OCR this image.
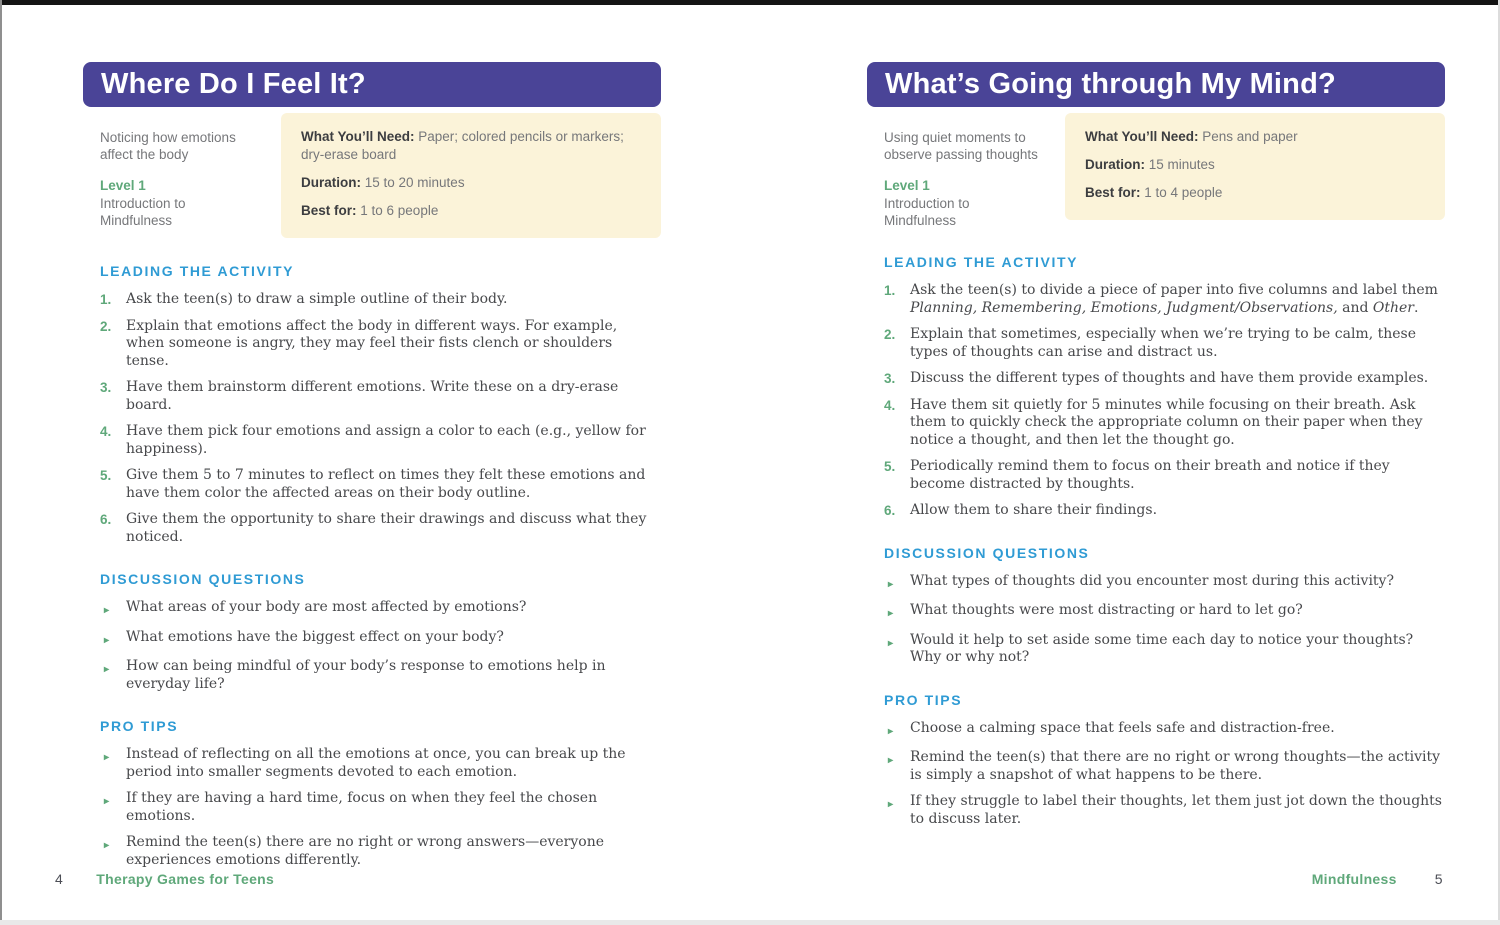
Where Do I Feel It?

Noticing how emotions affect the body

Level 1
Introduction to Mindfulness
What You’ll Need: Paper; colored pencils or markers; dry-erase board
Duration: 15 to 20 minutes
Best for: 1 to 6 people
LEADING THE ACTIVITY
1.	Ask the teen(s) to draw a simple outline of their body.
2.	Explain that emotions affect the body in different ways. For example, when someone is angry, they may feel their fists clench or shoulders tense.
3.	Have them brainstorm different emotions. Write these on a dry-erase board.
4.	Have them pick four emotions and assign a color to each (e.g., yellow for happiness).
5.	Give them 5 to 7 minutes to reflect on times they felt these emotions and have them color the affected areas on their body outline.
6.	Give them the opportunity to share their drawings and discuss what they noticed.
DISCUSSION QUESTIONS
▸	What areas of your body are most affected by emotions?
▸	What emotions have the biggest effect on your body?
▸	How can being mindful of your body’s response to emotions help in everyday life?
PRO TIPS
▸	Instead of reflecting on all the emotions at once, you can break up the period into smaller segments devoted to each emotion.
▸	If they are having a hard time, focus on when they feel the chosen emotions.
▸	Remind the teen(s) there are no right or wrong answers—everyone experiences emotions differently.
What’s Going through My Mind?

Using quiet moments to observe passing thoughts

Level 1
Introduction to Mindfulness
What You’ll Need: Pens and paper
Duration: 15 minutes
Best for: 1 to 4 people
LEADING THE ACTIVITY
1.	Ask the teen(s) to divide a piece of paper into five columns and label them Planning, Remembering, Emotions, Judgment/Observations, and Other.
2.	Explain that sometimes, especially when we’re trying to be calm, these types of thoughts can arise and distract us.
3.	Discuss the different types of thoughts and have them provide examples.
4.	Have them sit quietly for 5 minutes while focusing on their breath. Ask them to quickly check the appropriate column on their paper when they notice a thought, and then let the thought go.
5.	Periodically remind them to focus on their breath and notice if they become distracted by thoughts.
6.	Allow them to share their findings.
DISCUSSION QUESTIONS
▸	What types of thoughts did you encounter most during this activity?
▸	What thoughts were most distracting or hard to let go?
▸	Would it help to set aside some time each day to notice your thoughts? Why or why not?
PRO TIPS
▸	Choose a calming space that feels safe and distraction-free.
▸	Remind the teen(s) that there are no right or wrong thoughts—the activity is simply a snapshot of what happens to be there.
▸	If they struggle to label their thoughts, let them just jot down the thoughts to discuss later.
4 Therapy Games for Teens	Mindfulness	5
